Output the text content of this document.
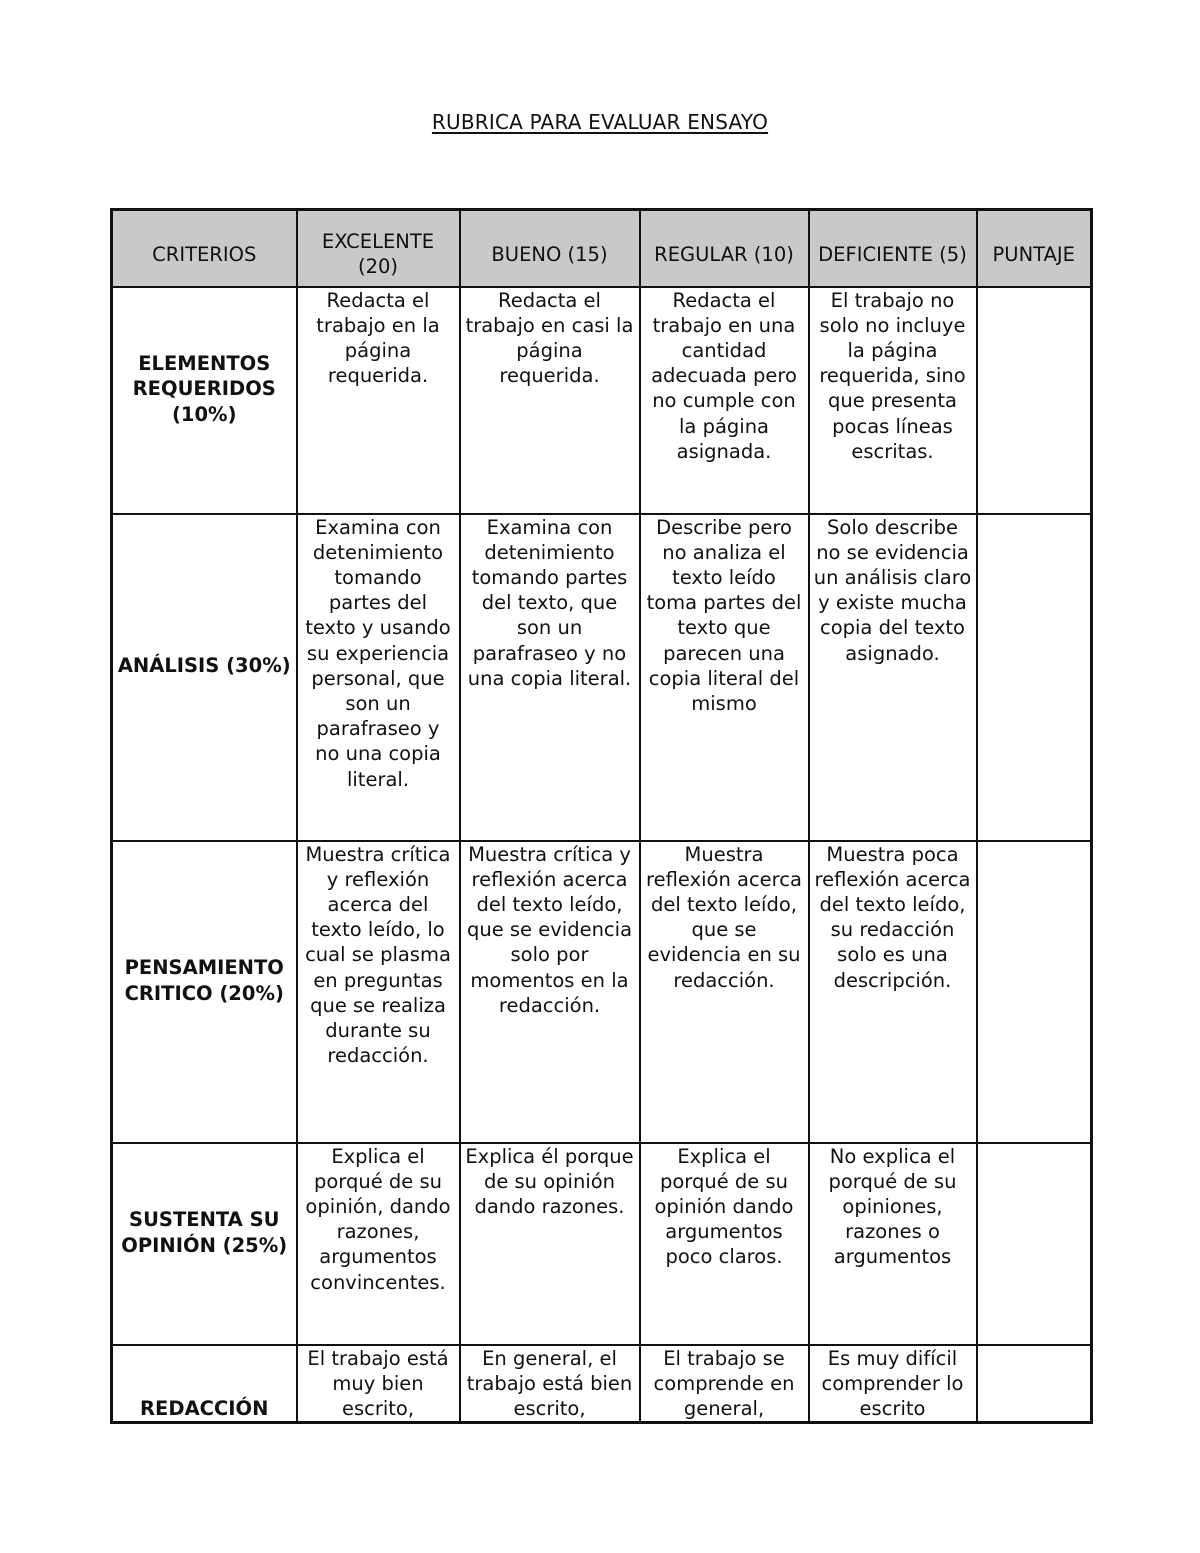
RUBRICA PARA EVALUAR ENSAYO
CRITERIOS	EXCELENTE (20)	BUENO (15)	REGULAR (10)	DEFICIENTE (5)	PUNTAJE
ELEMENTOS REQUERIDOS (10%)	Redacta el trabajo en la página requerida.	Redacta el trabajo en casi la página requerida.	Redacta el trabajo en una cantidad adecuada pero no cumple con la página asignada.	El trabajo no solo no incluye la página requerida, sino que presenta pocas líneas escritas.	
ANÁLISIS (30%)	Examina con detenimiento tomando partes del texto y usando su experiencia personal, que son un parafraseo y no una copia literal.	Examina con detenimiento tomando partes del texto, que son un parafraseo y no una copia literal.	Describe pero no analiza el texto leído toma partes del texto que parecen una copia literal del mismo	Solo describe no se evidencia un análisis claro y existe mucha copia del texto asignado.	
PENSAMIENTO CRITICO (20%)	Muestra crítica y reflexión acerca del texto leído, lo cual se plasma en preguntas que se realiza durante su redacción.	Muestra crítica y reflexión acerca del texto leído, que se evidencia solo por momentos en la redacción.	Muestra reflexión acerca del texto leído, que se evidencia en su redacción.	Muestra poca reflexión acerca del texto leído, su redacción solo es una descripción.	
SUSTENTA SU OPINIÓN (25%)	Explica el porqué de su opinión, dando razones, argumentos convincentes.	Explica él porque de su opinión dando razones.	Explica el porqué de su opinión dando argumentos poco claros.	No explica el porqué de su opiniones, razones o argumentos	
REDACCIÓN	El trabajo está muy bien escrito,	En general, el trabajo está bien escrito,	El trabajo se comprende en general,	Es muy difícil comprender lo escrito	
